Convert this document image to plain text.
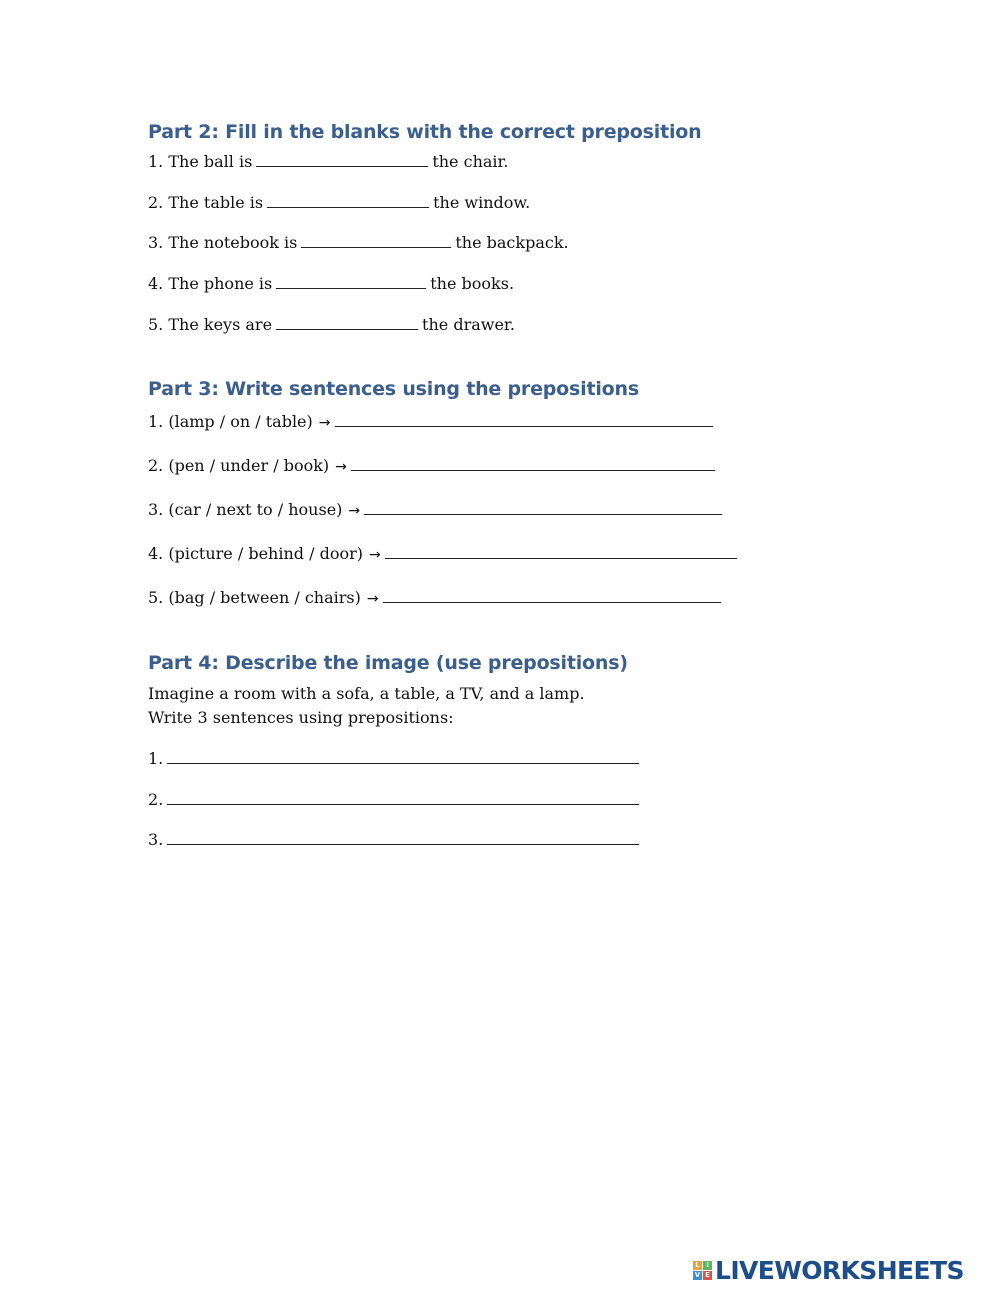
Part 2: Fill in the blanks with the correct preposition
1. The ball is	the chair.
2. The table is	the window.
3. The notebook is	the backpack.
4. The phone is	the books.
5. The keys are	the drawer.
Part 3: Write sentences using the prepositions
1. (lamp / on / table) →
2. (pen / under / book) →
3. (car / next to / house) →
4. (picture / behind / door) →
5. (bag / between / chairs) →
Part 4: Describe the image (use prepositions)

Imagine a room with a sofa, a table, a TV, and a lamp.

Write 3 sentences using prepositions:

1.
2.
3.
L I
V E LIVEWORKSHEETS
